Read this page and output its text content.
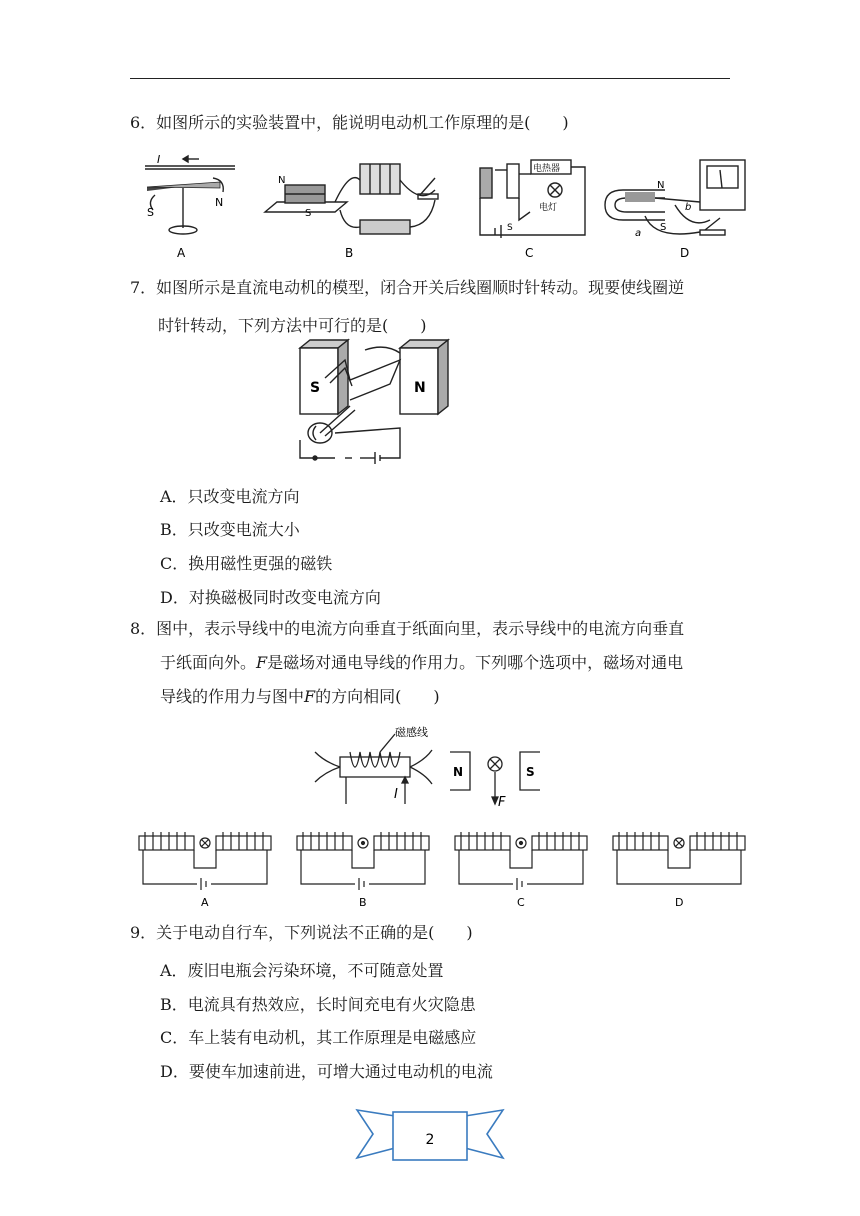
6．如图所示的实验装置中，能说明电动机工作原理的是(　　)
A	B	C	D
I
S
N
N
S
电热器
电灯
S
N
S
a
b
7．如图所示是直流电动机的模型，闭合开关后线圈顺时针转动。现要使线圈逆
时针转动，下列方法中可行的是(　　)
S	N
A．只改变电流方向
B．只改变电流大小
C．换用磁性更强的磁铁
D．对换磁极同时改变电流方向
8．图中，表示导线中的电流方向垂直于纸面向里，表示导线中的电流方向垂直
于纸面向外。F是磁场对通电导线的作用力。下列哪个选项中，磁场对通电
导线的作用力与图中F的方向相同(　　)
磁感线
I
N	S
F
A	B	C	D
9．关于电动自行车，下列说法不正确的是(　　)
A．废旧电瓶会污染环境，不可随意处置
B．电流具有热效应，长时间充电有火灾隐患
C．车上装有电动机，其工作原理是电磁感应
D．要使车加速前进，可增大通过电动机的电流
2
